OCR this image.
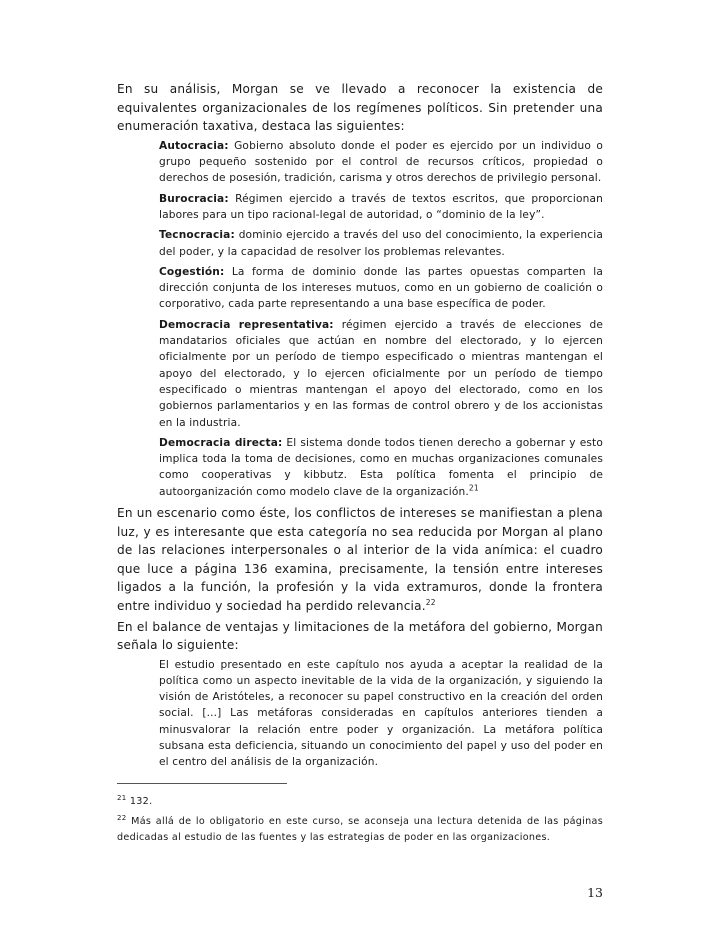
En su análisis, Morgan se ve llevado a reconocer la existencia de equivalentes organizacionales de los regímenes políticos. Sin pretender una enumeración taxativa, destaca las siguientes:

Autocracia: Gobierno absoluto donde el poder es ejercido por un individuo o grupo pequeño sostenido por el control de recursos críticos, propiedad o derechos de posesión, tradición, carisma y otros derechos de privilegio personal.

Burocracia: Régimen ejercido a través de textos escritos, que proporcionan labores para un tipo racional-legal de autoridad, o “dominio de la ley”.

Tecnocracia: dominio ejercido a través del uso del conocimiento, la experiencia del poder, y la capacidad de resolver los problemas relevantes.

Cogestión: La forma de dominio donde las partes opuestas comparten la dirección conjunta de los intereses mutuos, como en un gobierno de coalición o corporativo, cada parte representando a una base específica de poder.

Democracia representativa: régimen ejercido a través de elecciones de mandatarios oficiales que actúan en nombre del electorado, y lo ejercen oficialmente por un período de tiempo especificado o mientras mantengan el apoyo del electorado, y lo ejercen oficialmente por un período de tiempo especificado o mientras mantengan el apoyo del electorado, como en los gobiernos parlamentarios y en las formas de control obrero y de los accionistas en la industria.

Democracia directa: El sistema donde todos tienen derecho a gobernar y esto implica toda la toma de decisiones, como en muchas organizaciones comunales como cooperativas y kibbutz. Esta política fomenta el principio de autoorganización como modelo clave de la organización.$^{21}$

En un escenario como éste, los conflictos de intereses se manifiestan a plena luz, y es interesante que esta categoría no sea reducida por Morgan al plano de las relaciones interpersonales o al interior de la vida anímica: el cuadro que luce a página 136 examina, precisamente, la tensión entre intereses ligados a la función, la profesión y la vida extramuros, donde la frontera entre individuo y sociedad ha perdido relevancia.$^{22}$

En el balance de ventajas y limitaciones de la metáfora del gobierno, Morgan señala lo siguiente:

El estudio presentado en este capítulo nos ayuda a aceptar la realidad de la política como un aspecto inevitable de la vida de la organización, y siguiendo la visión de Aristóteles, a reconocer su papel constructivo en la creación del orden social. [...] Las metáforas consideradas en capítulos anteriores tienden a minusvalorar la relación entre poder y organización. La metáfora política subsana esta deficiencia, situando un conocimiento del papel y uso del poder en el centro del análisis de la organización.

$^{21}$ 132.

$^{22}$ Más allá de lo obligatorio en este curso, se aconseja una lectura detenida de las páginas dedicadas al estudio de las fuentes y las estrategias de poder en las organizaciones.

13
